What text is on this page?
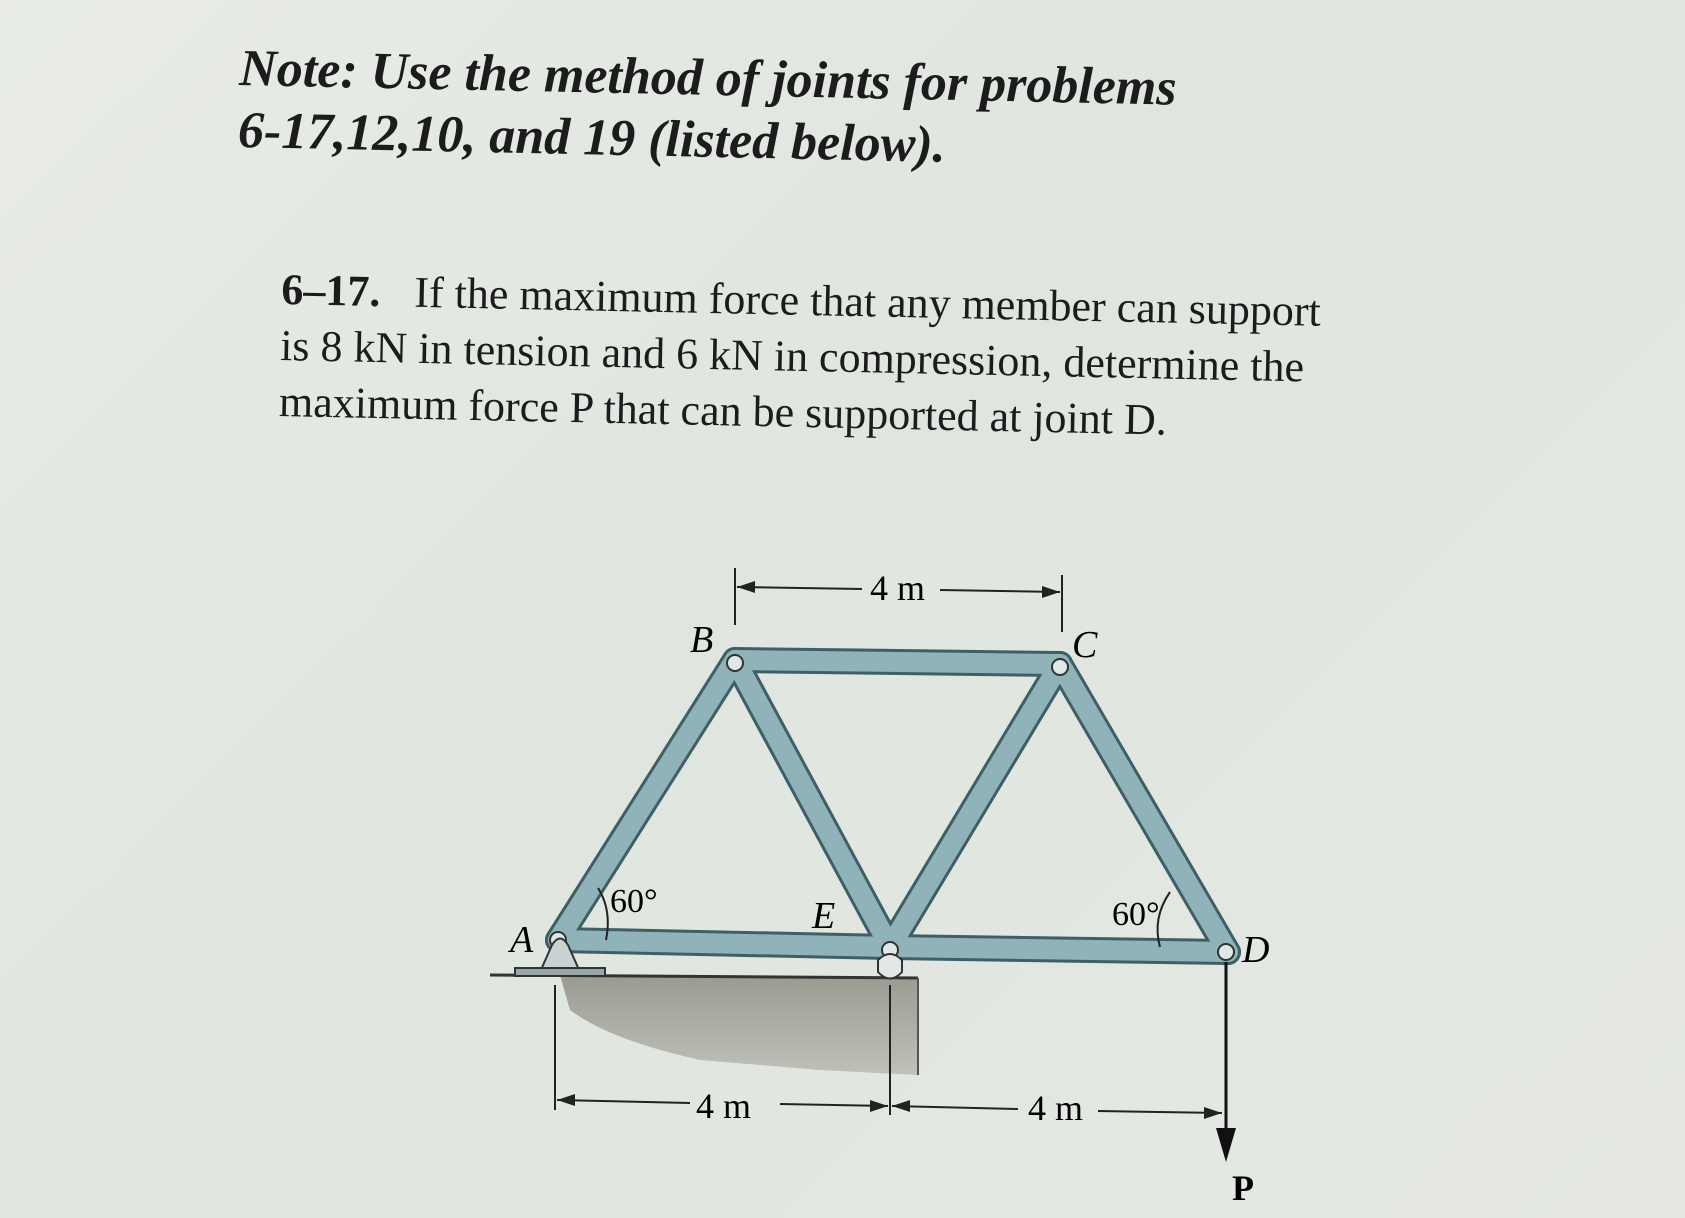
Note: Use the method of joints for problems
6-17,12,10, and 19 (listed below).
6–17. If the maximum force that any member can support
is 8 kN in tension and 6 kN in compression, determine the
maximum force P that can be supported at joint D.
A
B	C
D
E
60°	60°
4 m
4 m	4 m
P
